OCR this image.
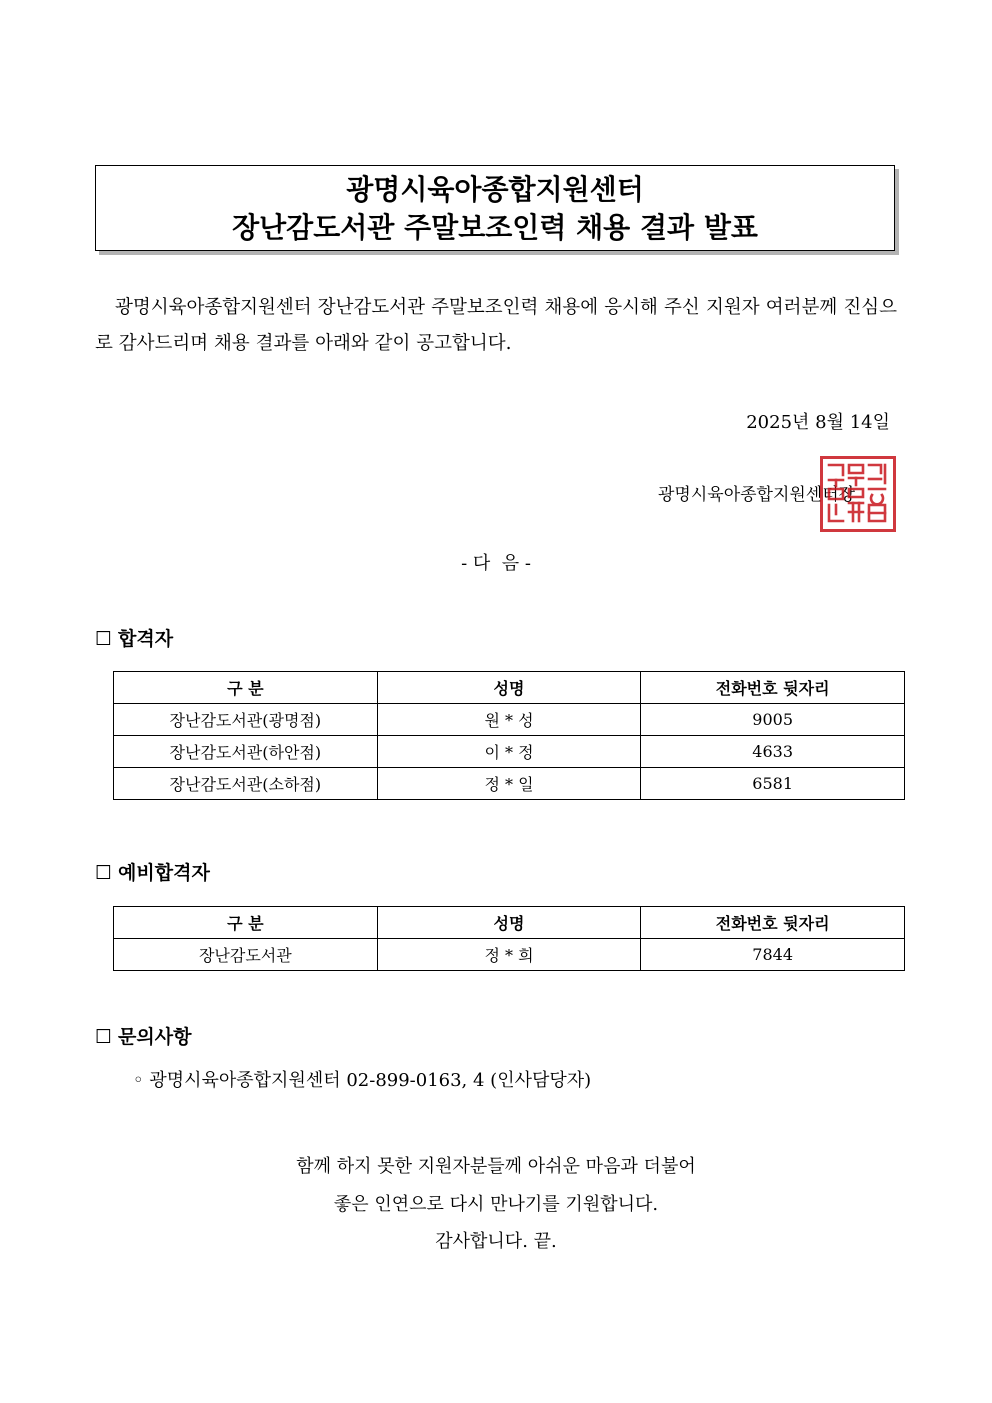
광명시육아종합지원센터
장난감도서관 주말보조인력 채용 결과 발표
광명시육아종합지원센터 장난감도서관 주말보조인력 채용에 응시해 주신 지원자 여러분께 진심으로 감사드리며 채용 결과를 아래와 같이 공고합니다.
2025년 8월 14일
광명시육아종합지원센터장
- 다  음 -
☐ 합격자
구 분	성명	전화번호 뒷자리
장난감도서관(광명점)	원 * 성	9005
장난감도서관(하안점)	이 * 정	4633
장난감도서관(소하점)	정 * 일	6581
☐ 예비합격자
구 분	성명	전화번호 뒷자리
장난감도서관	정 * 희	7844
☐ 문의사항
◦ 광명시육아종합지원센터 02-899-0163, 4 (인사담당자)
함께 하지 못한 지원자분들께 아쉬운 마음과 더불어
좋은 인연으로 다시 만나기를 기원합니다.
감사합니다. 끝.
